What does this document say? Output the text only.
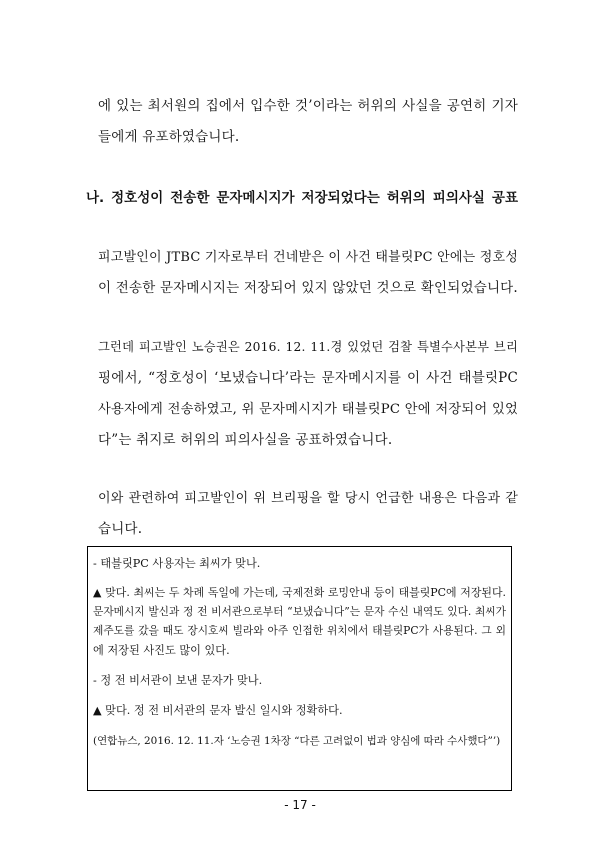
에 있는 최서원의 집에서 입수한 것’이라는 허위의 사실을 공연히 기자
들에게 유포하였습니다.
나. 정호성이 전송한 문자메시지가 저장되었다는 허위의 피의사실 공표
피고발인이 JTBC 기자로부터 건네받은 이 사건 태블릿PC 안에는 정호성
이 전송한 문자메시지는 저장되어 있지 않았던 것으로 확인되었습니다.
그런데 피고발인 노승권은 2016. 12. 11.경 있었던 검찰 특별수사본부 브리
핑에서, “정호성이 ‘보냈습니다’라는 문자메시지를 이 사건 태블릿PC
사용자에게 전송하였고, 위 문자메시지가 태블릿PC 안에 저장되어 있었
다”는 취지로 허위의 피의사실을 공표하였습니다.
이와 관련하여 피고발인이 위 브리핑을 할 당시 언급한 내용은 다음과 같
습니다.
- 태블릿PC 사용자는 최씨가 맞나.
▲ 맞다. 최씨는 두 차례 독일에 가는데, 국제전화 로밍안내 등이 태블릿PC에 저장된다.
문자메시지 발신과 정 전 비서관으로부터 “보냈습니다”는 문자 수신 내역도 있다. 최씨가
제주도를 갔을 때도 장시호씨 빌라와 아주 인접한 위치에서 태블릿PC가 사용된다. 그 외
에 저장된 사진도 많이 있다.
- 정 전 비서관이 보낸 문자가 맞나.
▲ 맞다. 정 전 비서관의 문자 발신 일시와 정확하다.
(연합뉴스, 2016. 12. 11.자 ‘노승권 1차장 “다른 고려없이 법과 양심에 따라 수사했다”’)
- 17 -
